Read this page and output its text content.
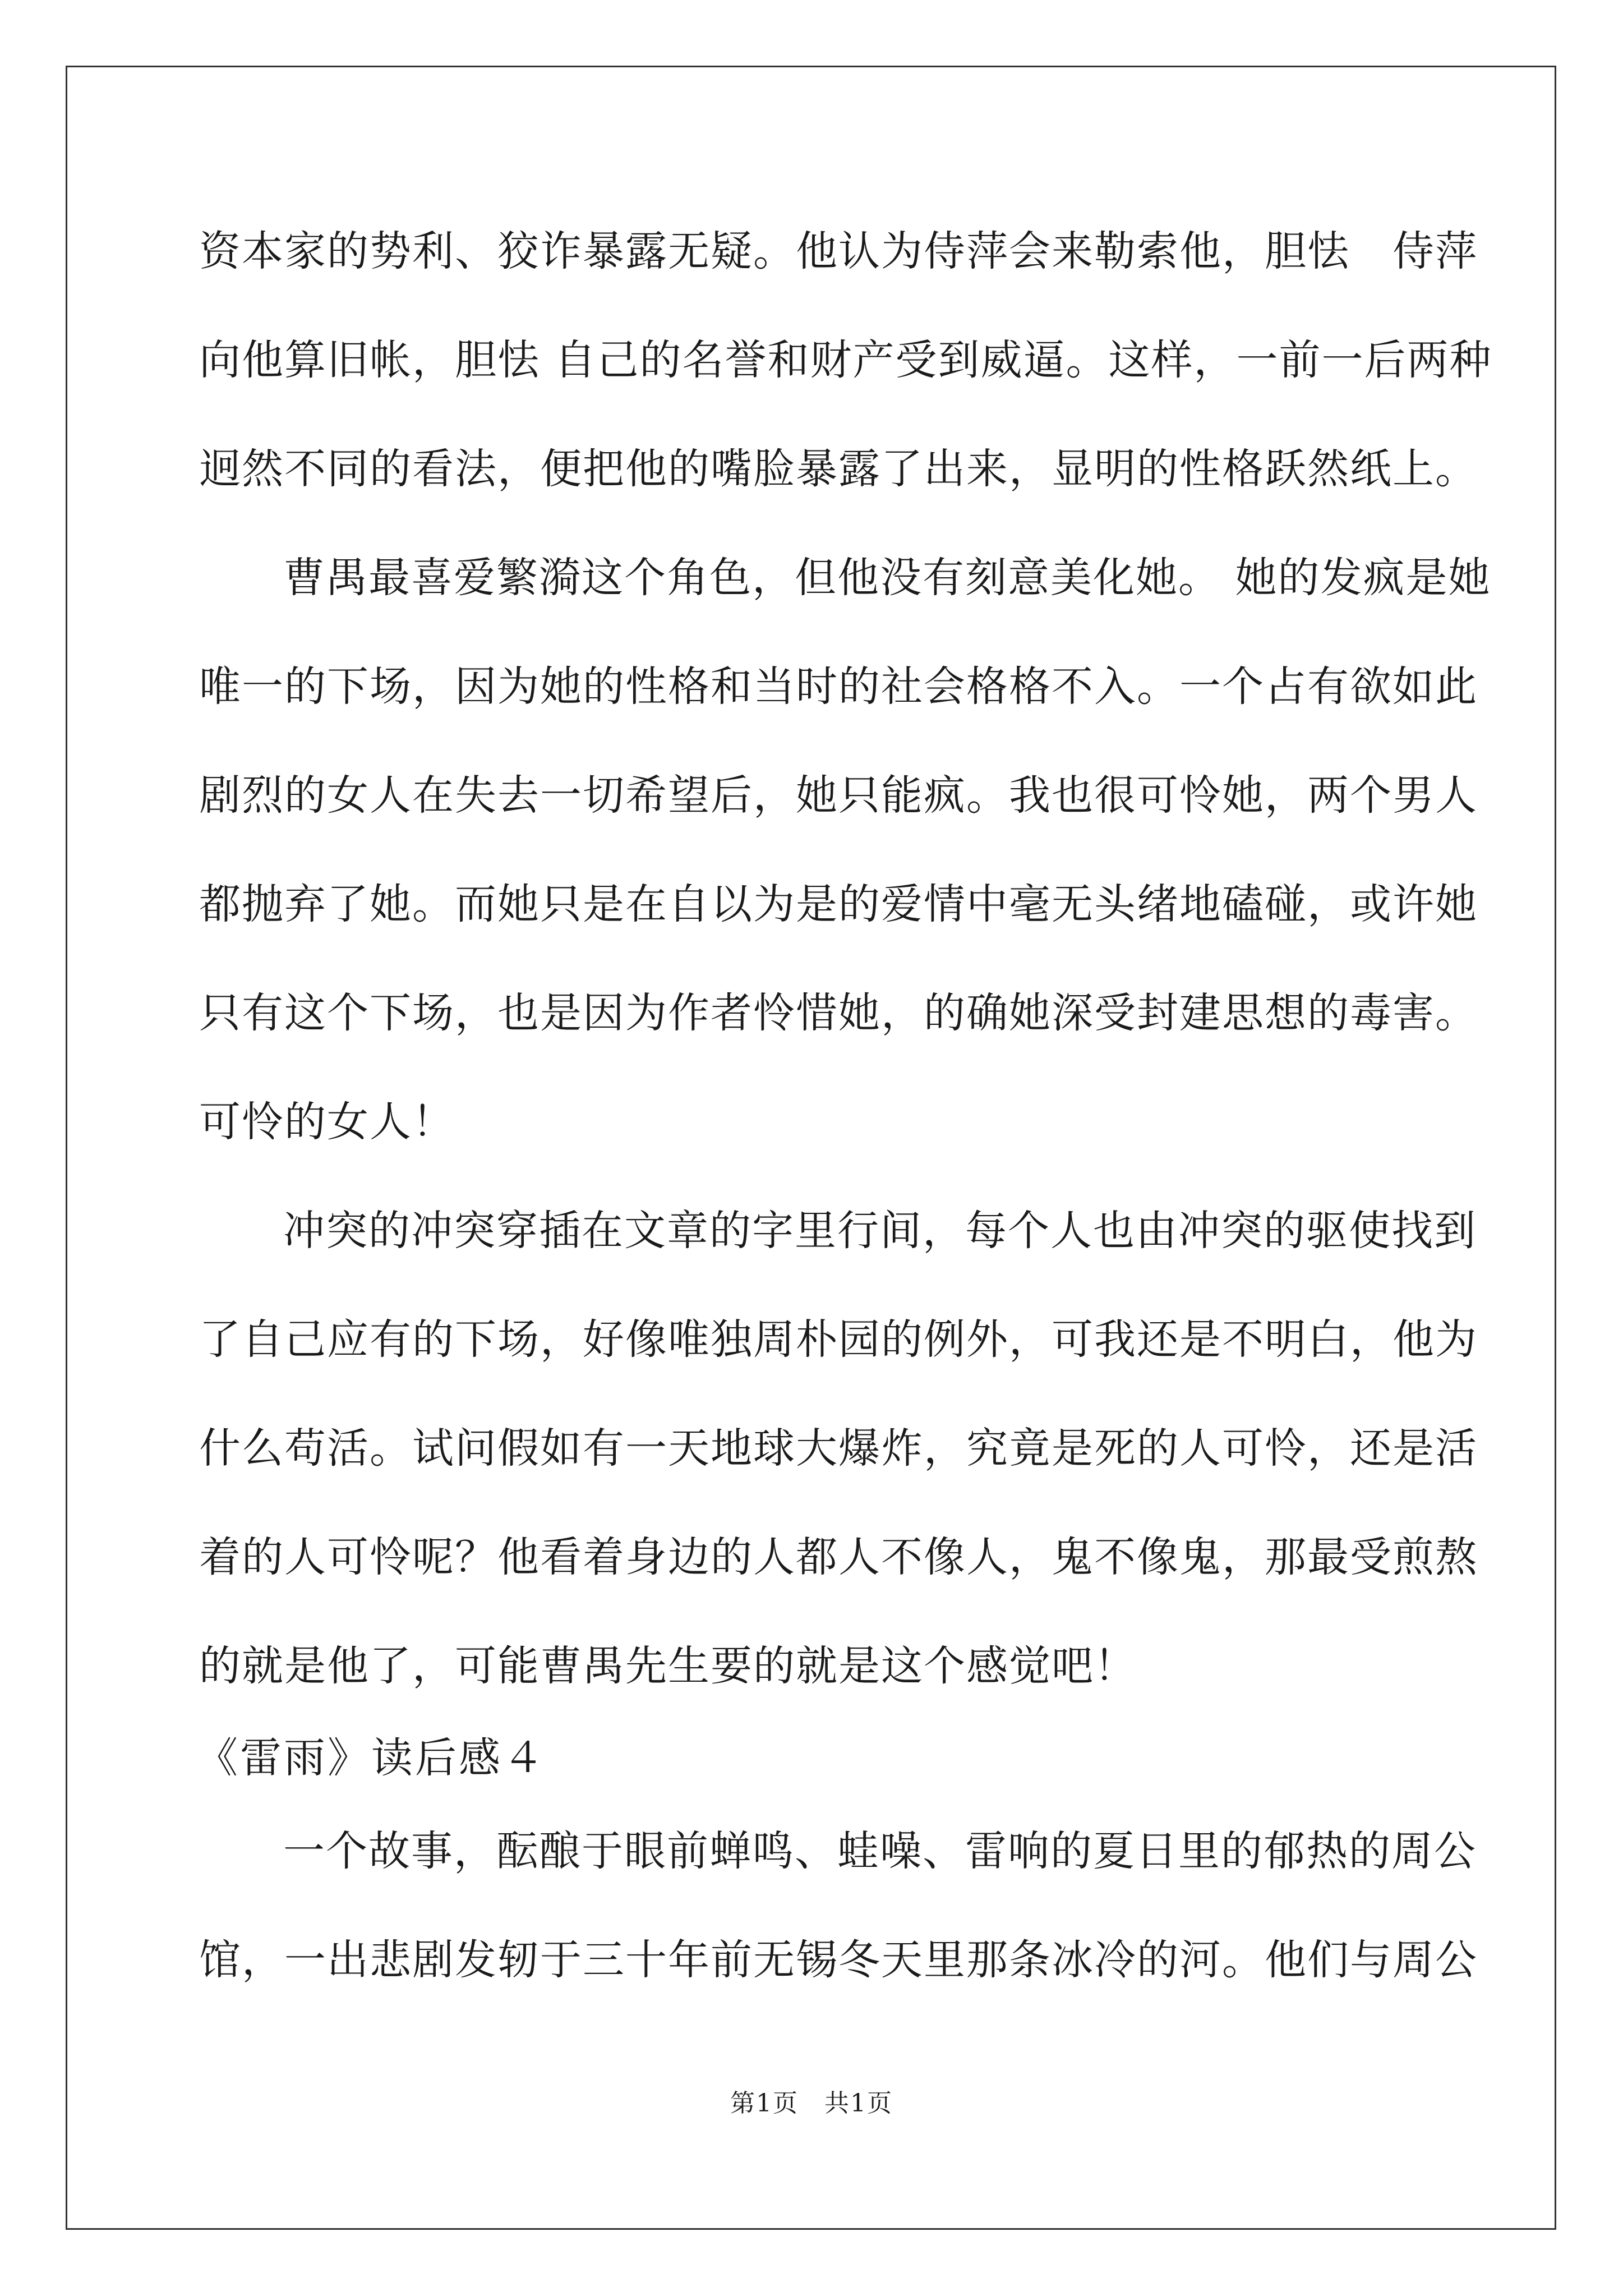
资本家的势利、狡诈暴露无疑。他认为侍萍会来勒索他，胆怯　侍萍
向他算旧帐，胆怯 自己的名誉和财产受到威逼。这样，一前一后两种
迥然不同的看法，便把他的嘴脸暴露了出来，显明的性格跃然纸上。
曹禺最喜爱繁漪这个角色，但他没有刻意美化她。 她的发疯是她
唯一的下场，因为她的性格和当时的社会格格不入。一个占有欲如此
剧烈的女人在失去一切希望后，她只能疯。我也很可怜她，两个男人
都抛弃了她。而她只是在自以为是的爱情中毫无头绪地磕碰，或许她
只有这个下场，也是因为作者怜惜她，的确她深受封建思想的毒害。
可怜的女人！
冲突的冲突穿插在文章的字里行间，每个人也由冲突的驱使找到
了自己应有的下场，好像唯独周朴园的例外，可我还是不明白，他为
什么苟活。试问假如有一天地球大爆炸，究竟是死的人可怜，还是活
着的人可怜呢？他看着身边的人都人不像人，鬼不像鬼，那最受煎熬
的就是他了，可能曹禺先生要的就是这个感觉吧！
《雷雨》读后感４
一个故事，酝酿于眼前蝉鸣、蛙噪、雷响的夏日里的郁热的周公
馆，一出悲剧发轫于三十年前无锡冬天里那条冰冷的河。他们与周公
第1页　共1页
